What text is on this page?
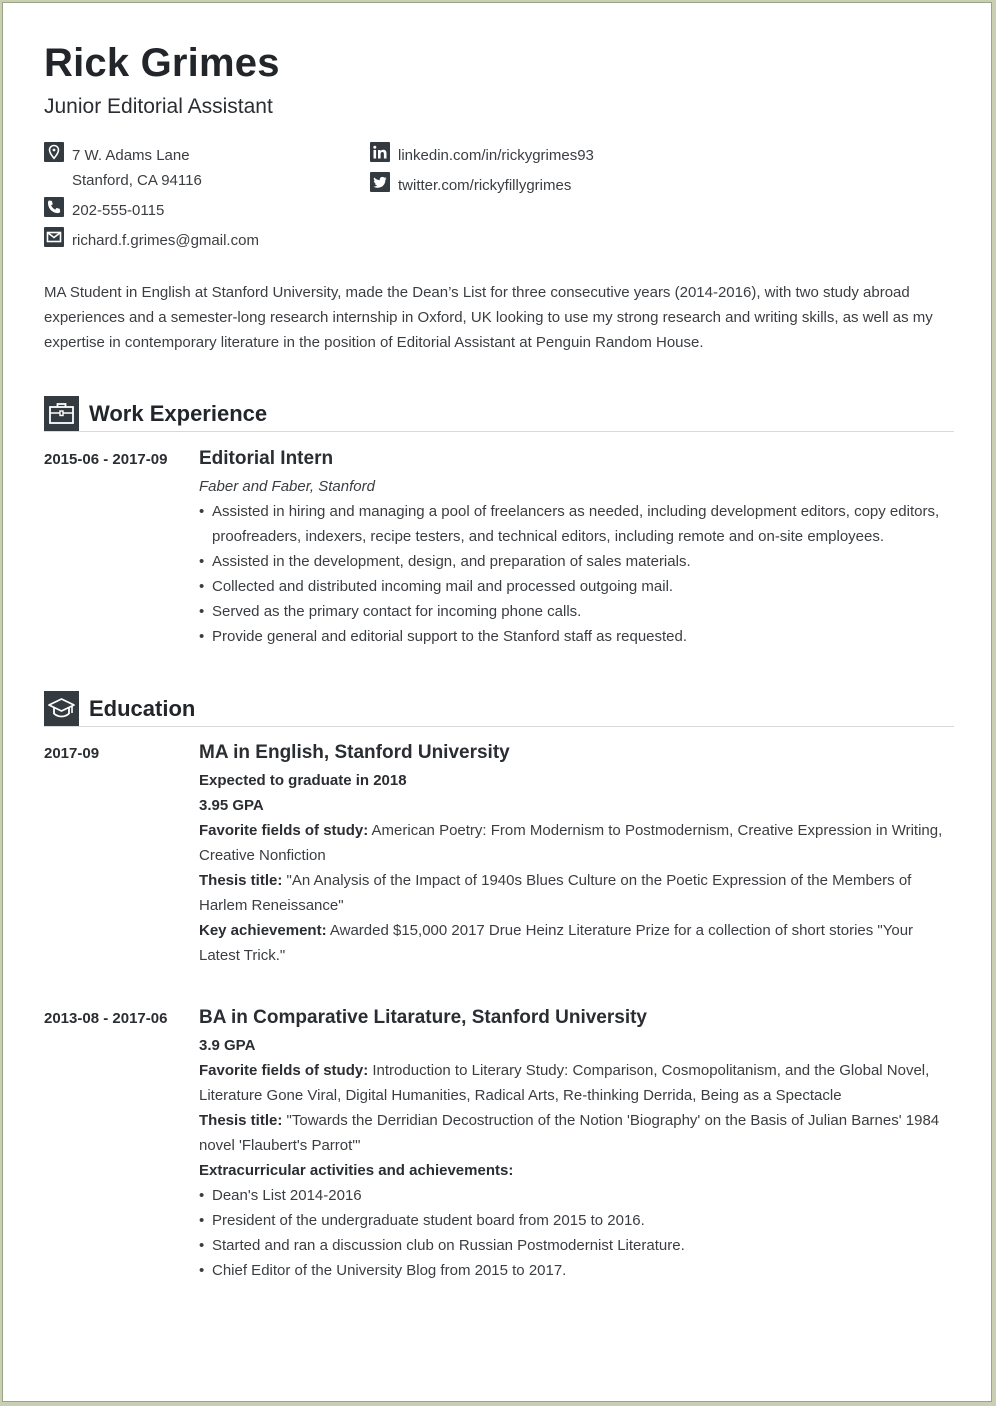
Rick Grimes
Junior Editorial Assistant
7 W. Adams Lane
Stanford, CA 94116
202-555-0115
richard.f.grimes@gmail.com
linkedin.com/in/rickygrimes93
twitter.com/rickyfillygrimes
MA Student in English at Stanford University, made the Dean’s List for three consecutive years (2014-2016), with two study abroad experiences and a semester-long research internship in Oxford, UK looking to use my strong research and writing skills, as well as my expertise in contemporary literature in the position of Editorial Assistant at Penguin Random House.
Work Experience
2015-06 - 2017-09 Editorial Intern
Faber and Faber, Stanford
• Assisted in hiring and managing a pool of freelancers as needed, including development editors, copy editors, proofreaders, indexers, recipe testers, and technical editors, including remote and on-site employees.
• Assisted in the development, design, and preparation of sales materials.
• Collected and distributed incoming mail and processed outgoing mail.
• Served as the primary contact for incoming phone calls.
• Provide general and editorial support to the Stanford staff as requested.
Education
2017-09	MA in English, Stanford University
Expected to graduate in 2018
3.95 GPA
Favorite fields of study: American Poetry: From Modernism to Postmodernism, Creative Expression in Writing, Creative Nonfiction
Thesis title: "An Analysis of the Impact of 1940s Blues Culture on the Poetic Expression of the Members of Harlem Reneissance"
Key achievement: Awarded $15,000 2017 Drue Heinz Literature Prize for a collection of short stories "Your Latest Trick."
2013-08 - 2017-06 BA in Comparative Litarature, Stanford University
3.9 GPA
Favorite fields of study: Introduction to Literary Study: Comparison, Cosmopolitanism, and the Global Novel, Literature Gone Viral, Digital Humanities, Radical Arts, Re-thinking Derrida, Being as a Spectacle
Thesis title: "Towards the Derridian Decostruction of the Notion 'Biography' on the Basis of Julian Barnes' 1984 novel 'Flaubert's Parrot'"
Extracurricular activities and achievements:
• Dean's List 2014-2016
• President of the undergraduate student board from 2015 to 2016.
• Started and ran a discussion club on Russian Postmodernist Literature.
• Chief Editor of the University Blog from 2015 to 2017.
